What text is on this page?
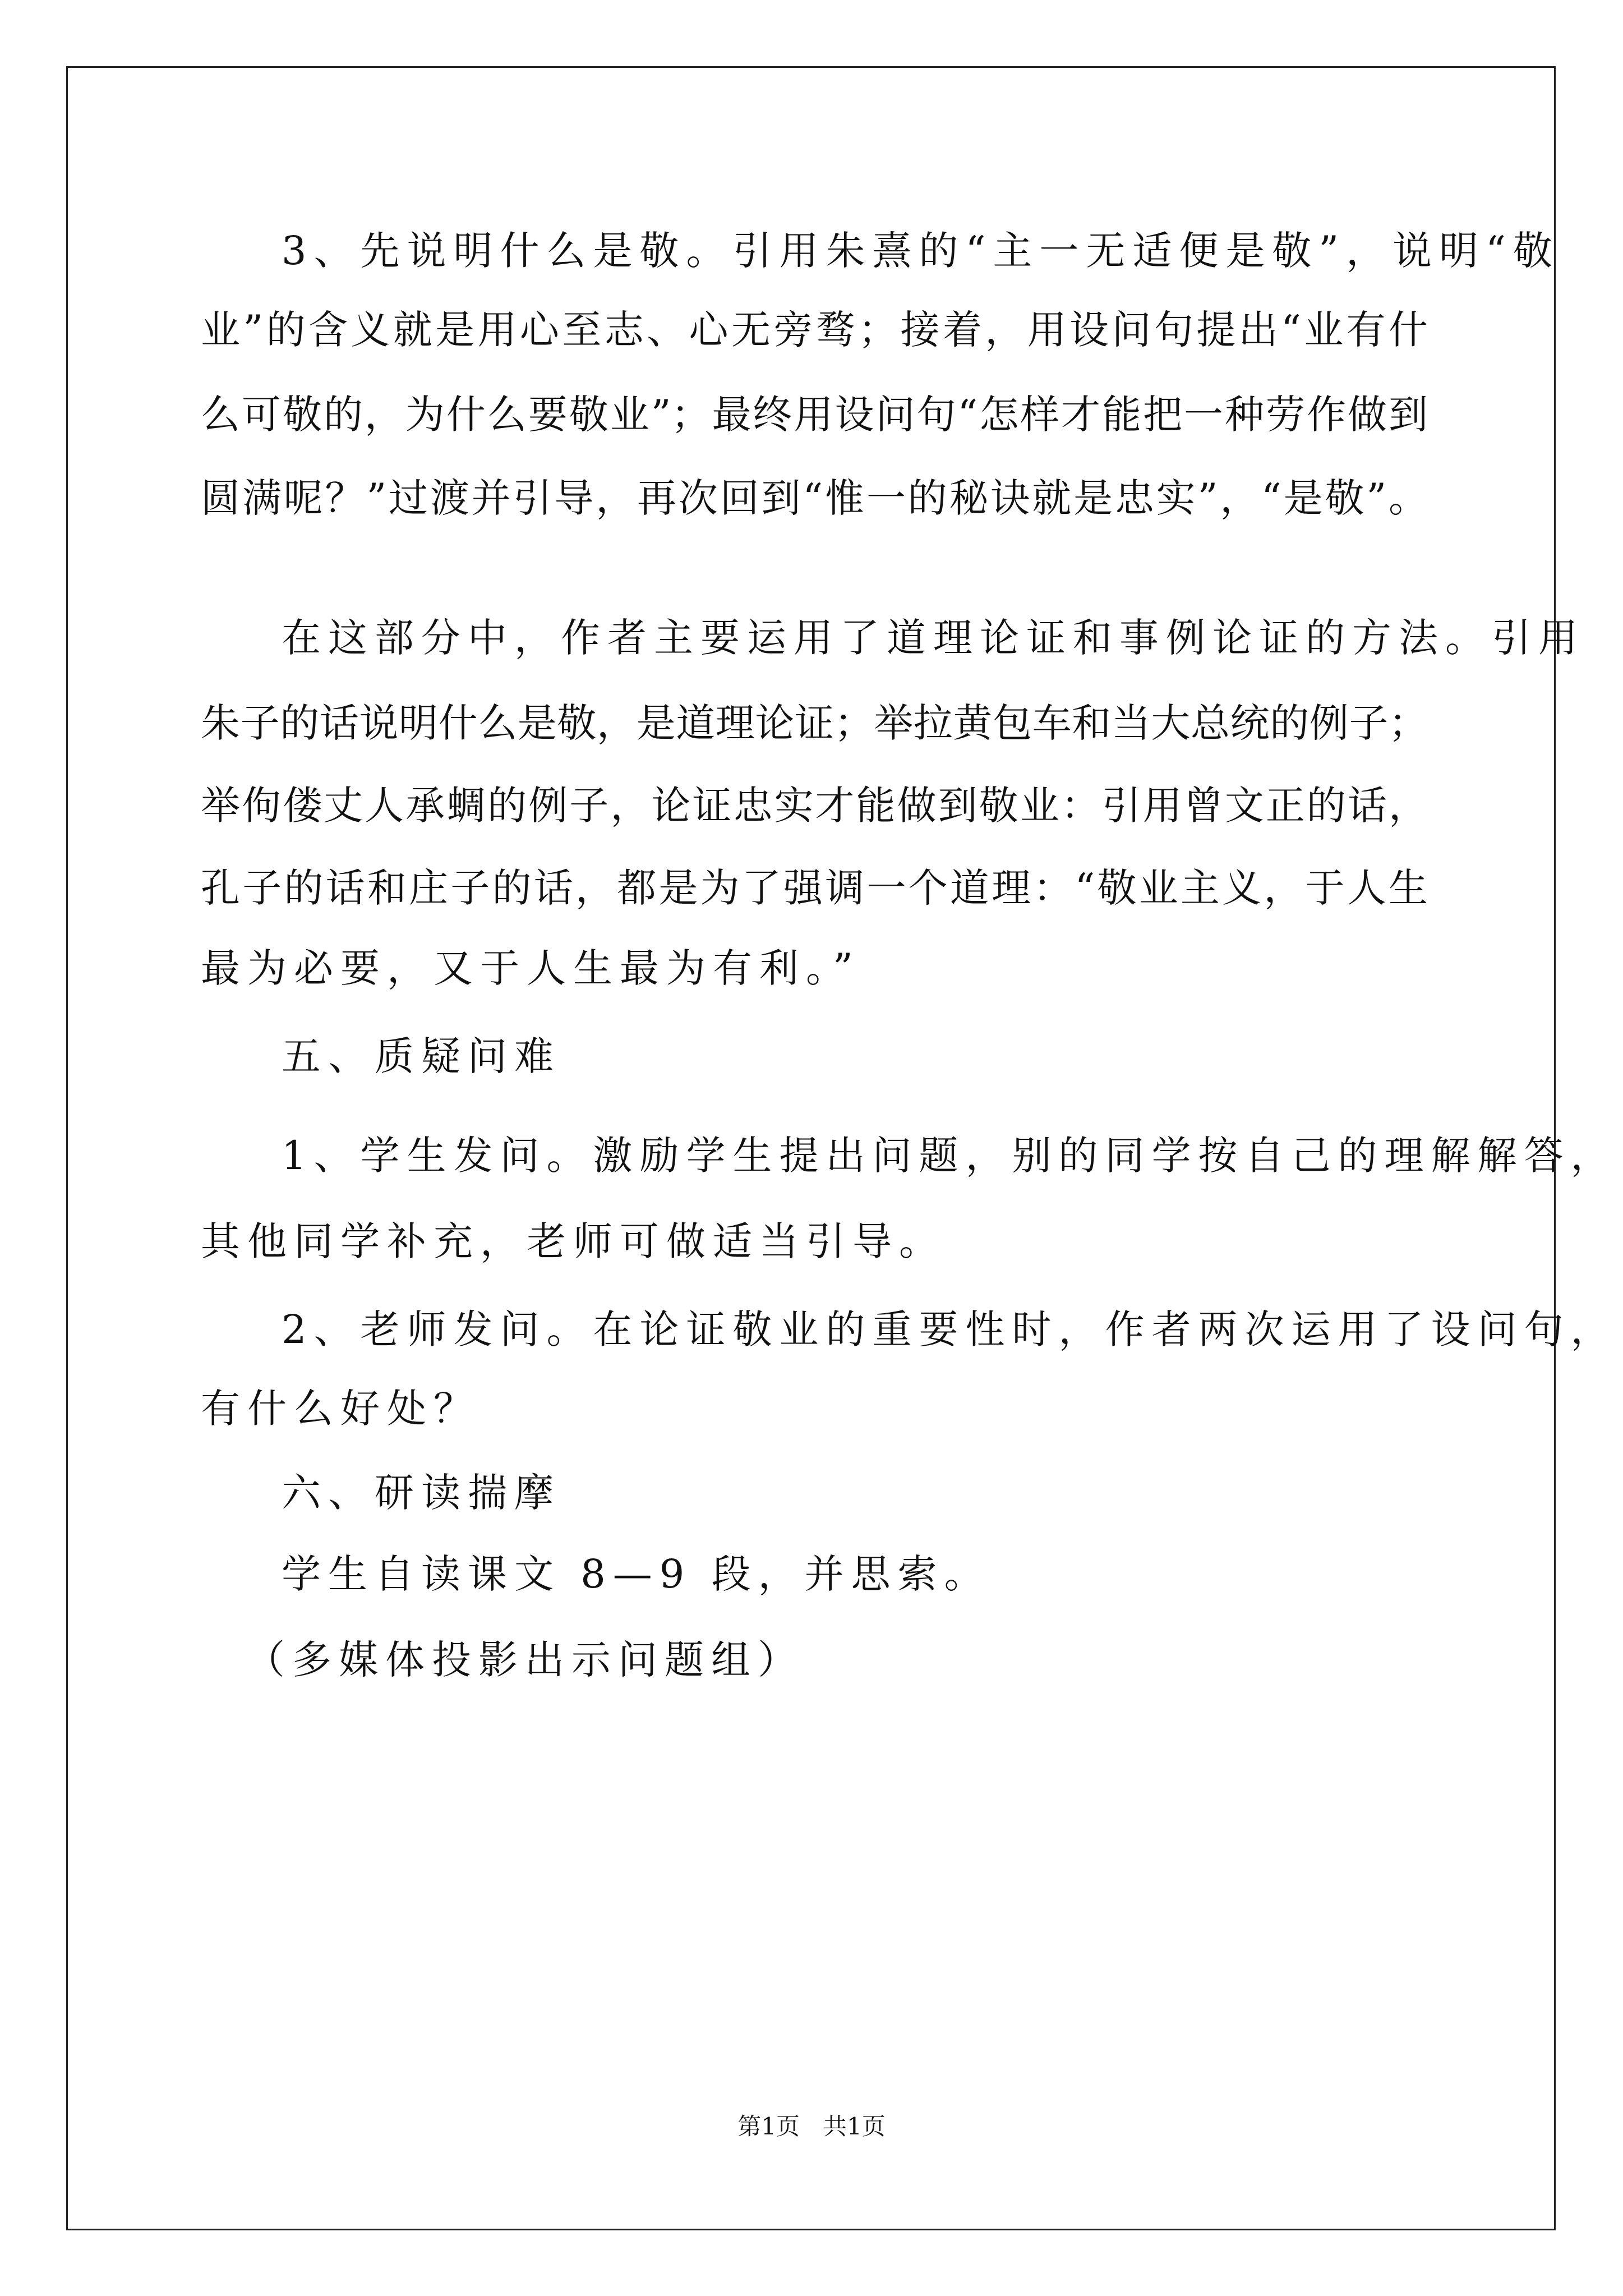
3、先说明什么是敬。引用朱熹的“主一无适便是敬”，说明“敬
业”的含义就是用心至志、心无旁骛；接着，用设问句提出“业有什
么可敬的，为什么要敬业”；最终用设问句“怎样才能把一种劳作做到
圆满呢？”过渡并引导，再次回到“惟一的秘诀就是忠实”，“是敬”。
在这部分中，作者主要运用了道理论证和事例论证的方法。引用
朱子的话说明什么是敬，是道理论证；举拉黄包车和当大总统的例子；
举佝偻丈人承蜩的例子，论证忠实才能做到敬业：引用曾文正的话，
孔子的话和庄子的话，都是为了强调一个道理：“敬业主义，于人生
最为必要，又于人生最为有利。”
五、质疑问难
1、学生发问。激励学生提出问题，别的同学按自己的理解解答，
其他同学补充，老师可做适当引导。
2、老师发问。在论证敬业的重要性时，作者两次运用了设问句，
有什么好处？
六、研读揣摩
学生自读课文 8—9 段，并思索。
（多媒体投影出示问题组）
第1页　共1页
